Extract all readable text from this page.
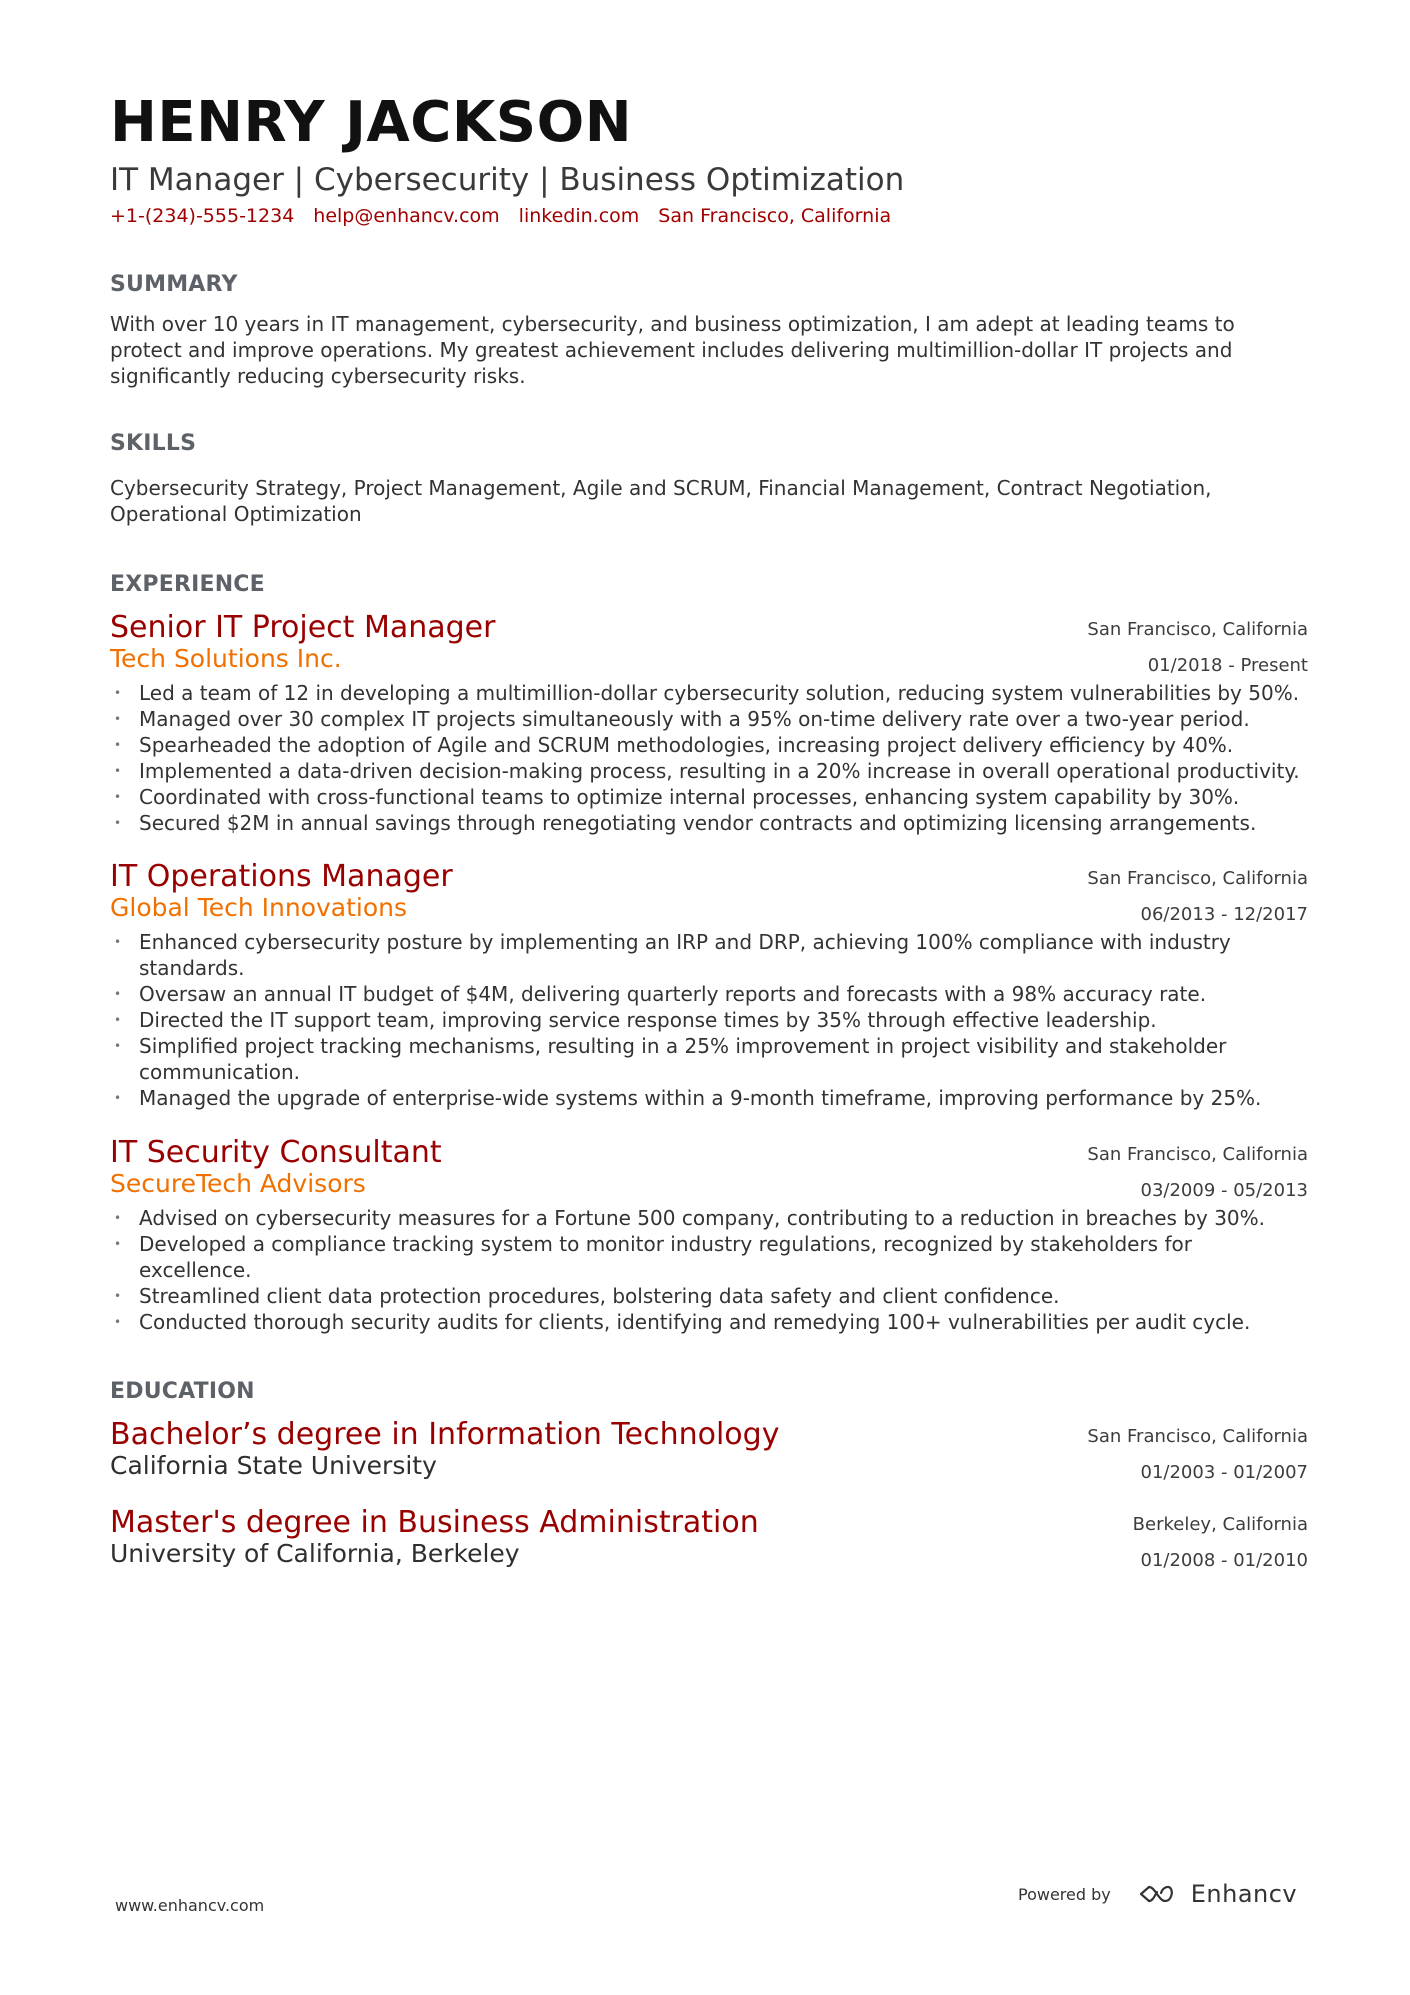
HENRY JACKSON
IT Manager | Cybersecurity | Business Optimization
+1-(234)-555-1234 help@enhancv.com linkedin.com San Francisco, California
SUMMARY
With over 10 years in IT management, cybersecurity, and business optimization, I am adept at leading teams to protect and improve operations. My greatest achievement includes delivering multimillion-dollar IT projects and significantly reducing cybersecurity risks.
SKILLS
Cybersecurity Strategy, Project Management, Agile and SCRUM, Financial Management, Contract Negotiation, Operational Optimization
EXPERIENCE
Senior IT Project Manager
Tech Solutions Inc.
San Francisco, California
01/2018 - Present
• Led a team of 12 in developing a multimillion-dollar cybersecurity solution, reducing system vulnerabilities by 50%.
• Managed over 30 complex IT projects simultaneously with a 95% on-time delivery rate over a two-year period.
• Spearheaded the adoption of Agile and SCRUM methodologies, increasing project delivery efficiency by 40%.
• Implemented a data-driven decision-making process, resulting in a 20% increase in overall operational productivity.
• Coordinated with cross-functional teams to optimize internal processes, enhancing system capability by 30%.
• Secured $2M in annual savings through renegotiating vendor contracts and optimizing licensing arrangements.
IT Operations Manager
Global Tech Innovations
San Francisco, California
06/2013 - 12/2017
• Enhanced cybersecurity posture by implementing an IRP and DRP, achieving 100% compliance with industry standards.
• Oversaw an annual IT budget of $4M, delivering quarterly reports and forecasts with a 98% accuracy rate.
• Directed the IT support team, improving service response times by 35% through effective leadership.
• Simplified project tracking mechanisms, resulting in a 25% improvement in project visibility and stakeholder communication.
• Managed the upgrade of enterprise-wide systems within a 9-month timeframe, improving performance by 25%.
IT Security Consultant
SecureTech Advisors
San Francisco, California
03/2009 - 05/2013
• Advised on cybersecurity measures for a Fortune 500 company, contributing to a reduction in breaches by 30%.
• Developed a compliance tracking system to monitor industry regulations, recognized by stakeholders for excellence.
• Streamlined client data protection procedures, bolstering data safety and client confidence.
• Conducted thorough security audits for clients, identifying and remedying 100+ vulnerabilities per audit cycle.
EDUCATION
Bachelor’s degree in Information Technology
California State University
San Francisco, California
01/2003 - 01/2007
Master's degree in Business Administration
University of California, Berkeley
Berkeley, California
01/2008 - 01/2010
www.enhancv.com
Powered by	Enhancv
